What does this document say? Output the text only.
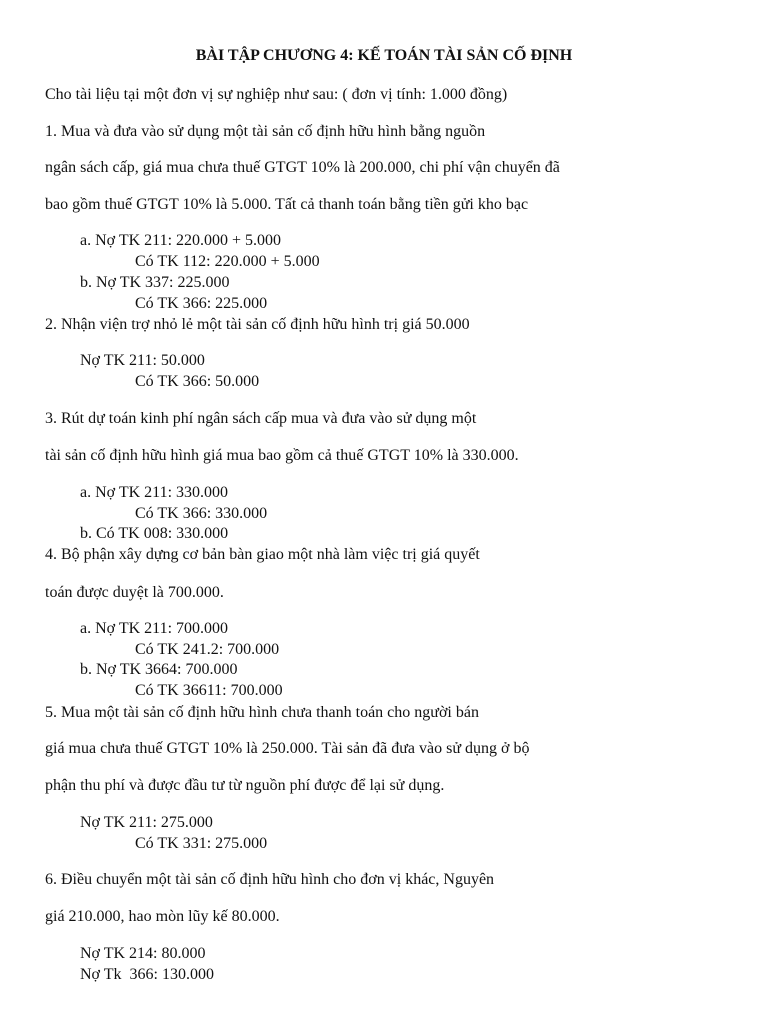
BÀI TẬP CHƯƠNG 4: KẾ TOÁN TÀI SẢN CỐ ĐỊNH
Cho tài liệu tại một đơn vị sự nghiệp như sau: ( đơn vị tính: 1.000 đồng)
1. Mua và đưa vào sử dụng một tài sản cố định hữu hình bằng nguồn
ngân sách cấp, giá mua chưa thuế GTGT 10% là 200.000, chi phí vận chuyển đã
bao gồm thuế GTGT 10% là 5.000. Tất cả thanh toán bằng tiền gửi kho bạc
a. Nợ TK 211: 220.000 + 5.000
Có TK 112: 220.000 + 5.000
b. Nợ TK 337: 225.000
Có TK 366: 225.000
2. Nhận viện trợ nhỏ lẻ một tài sản cố định hữu hình trị giá 50.000
Nợ TK 211: 50.000
Có TK 366: 50.000
3. Rút dự toán kinh phí ngân sách cấp mua và đưa vào sử dụng một
tài sản cố định hữu hình giá mua bao gồm cả thuế GTGT 10% là 330.000.
a. Nợ TK 211: 330.000
Có TK 366: 330.000
b. Có TK 008: 330.000
4. Bộ phận xây dựng cơ bản bàn giao một nhà làm việc trị giá quyết
toán được duyệt là 700.000.
a. Nợ TK 211: 700.000
Có TK 241.2: 700.000
b. Nợ TK 3664: 700.000
Có TK 36611: 700.000
5. Mua một tài sản cố định hữu hình chưa thanh toán cho người bán
giá mua chưa thuế GTGT 10% là 250.000. Tài sản đã đưa vào sử dụng ở bộ
phận thu phí và được đầu tư từ nguồn phí được để lại sử dụng.
Nợ TK 211: 275.000
Có TK 331: 275.000
6. Điều chuyển một tài sản cố định hữu hình cho đơn vị khác, Nguyên
giá 210.000, hao mòn lũy kế 80.000.
Nợ TK 214: 80.000
Nợ Tk  366: 130.000
